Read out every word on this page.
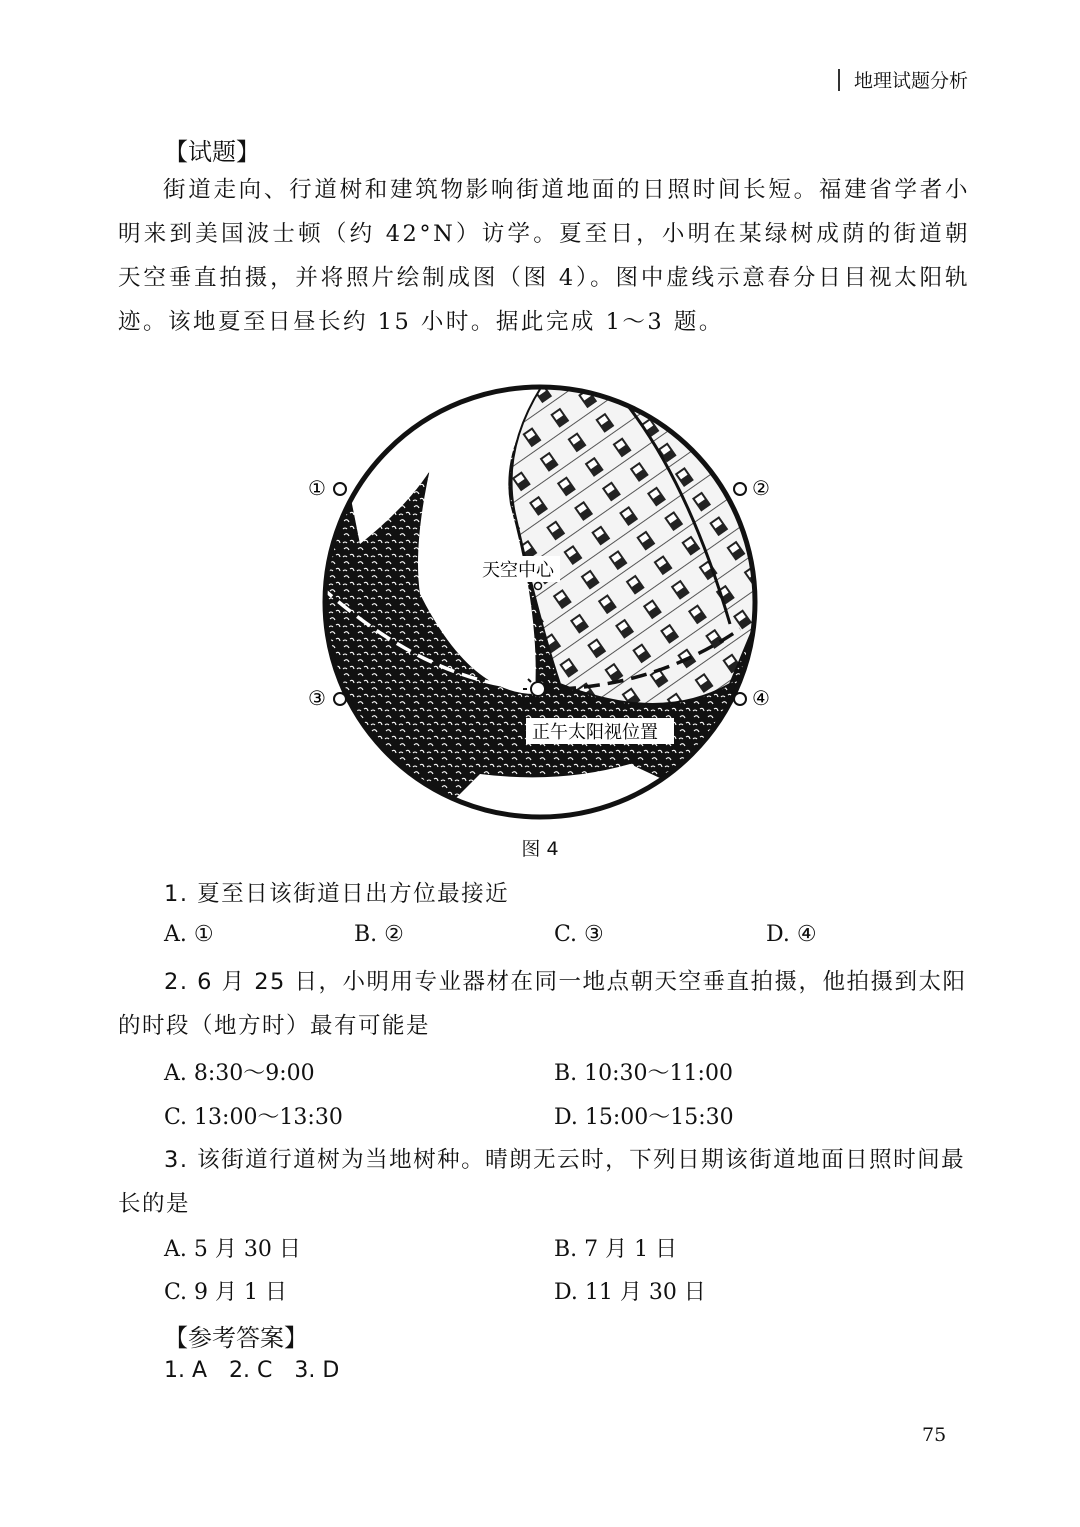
地理试题分析
【试题】
街道走向、行道树和建筑物影响街道地面的日照时间长短。福建省学者小明来到美国波士顿（约 42°N）访学。夏至日，小明在某绿树成荫的街道朝天空垂直拍摄，并将照片绘制成图（图 4）。图中虚线示意春分日目视太阳轨迹。该地夏至日昼长约 15 小时。据此完成 1～3 题。
①	②
③	④
天空中心
正午太阳视位置
图 4
1. 夏至日该街道日出方位最接近
A. ①	B. ②	C. ③	D. ④
2. 6 月 25 日，小明用专业器材在同一地点朝天空垂直拍摄，他拍摄到太阳的时段（地方时）最有可能是
A. 8:30～9:00	B. 10:30～11:00
C. 13:00～13:30	D. 15:00～15:30
3. 该街道行道树为当地树种。晴朗无云时，下列日期该街道地面日照时间最长的是
A. 5 月 30 日	B. 7 月 1 日
C. 9 月 1 日	D. 11 月 30 日
【参考答案】
1. A 2. C 3. D
75
